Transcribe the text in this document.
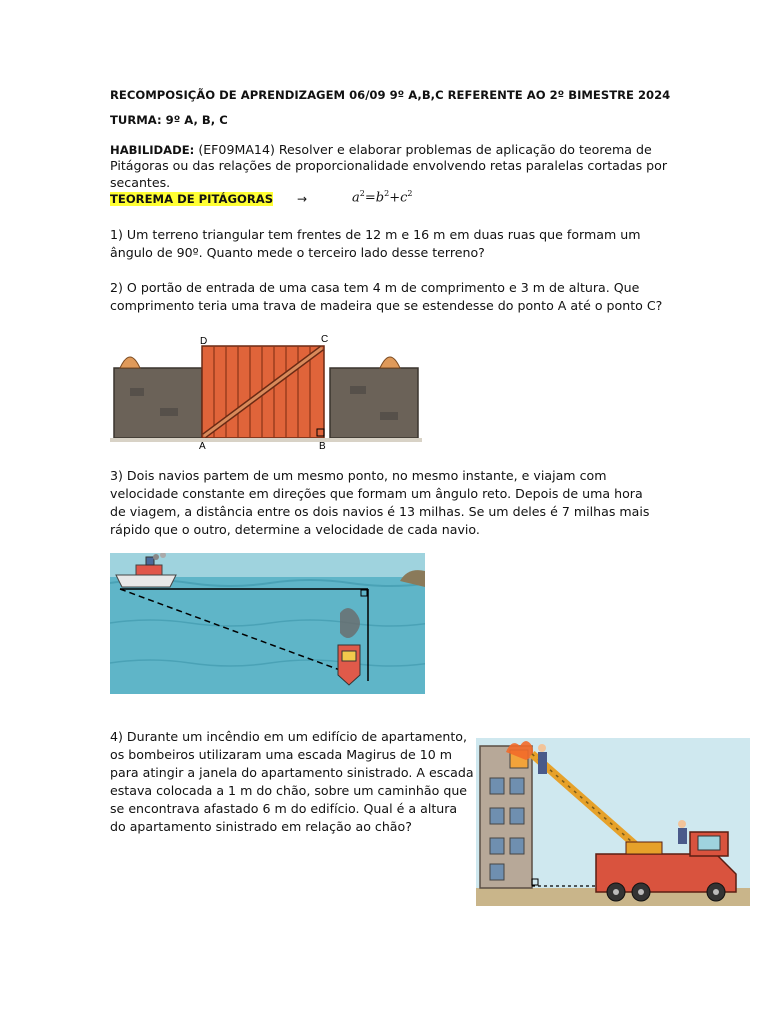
RECOMPOSIÇÃO DE APRENDIZAGEM 06/09 9º A,B,C REFERENTE AO 2º BIMESTRE 2024
TURMA: 9º A, B, C
HABILIDADE: (EF09MA14) Resolver e elaborar problemas de aplicação do teorema de
Pitágoras ou das relações de proporcionalidade envolvendo retas paralelas cortadas por
secantes.
TEOREMA DE PITÁGORAS →	$a^2=b^2+c^2$
1) Um terreno triangular tem frentes de 12 m e 16 m em duas ruas que formam um
ângulo de 90º. Quanto mede o terceiro lado desse terreno?
2) O portão de entrada de uma casa tem 4 m de comprimento e 3 m de altura. Que
comprimento teria uma trava de madeira que se estendesse do ponto A até o ponto C?
D	C
A	B
3) Dois navios partem de um mesmo ponto, no mesmo instante, e viajam com
velocidade constante em direções que formam um ângulo reto. Depois de uma hora
de viagem, a distância entre os dois navios é 13 milhas. Se um deles é 7 milhas mais
rápido que o outro, determine a velocidade de cada navio.
4) Durante um incêndio em um edifício de apartamento,
os bombeiros utilizaram uma escada Magirus de 10 m
para atingir a janela do apartamento sinistrado. A escada
estava colocada a 1 m do chão, sobre um caminhão que
se encontrava afastado 6 m do edifício. Qual é a altura
do apartamento sinistrado em relação ao chão?
